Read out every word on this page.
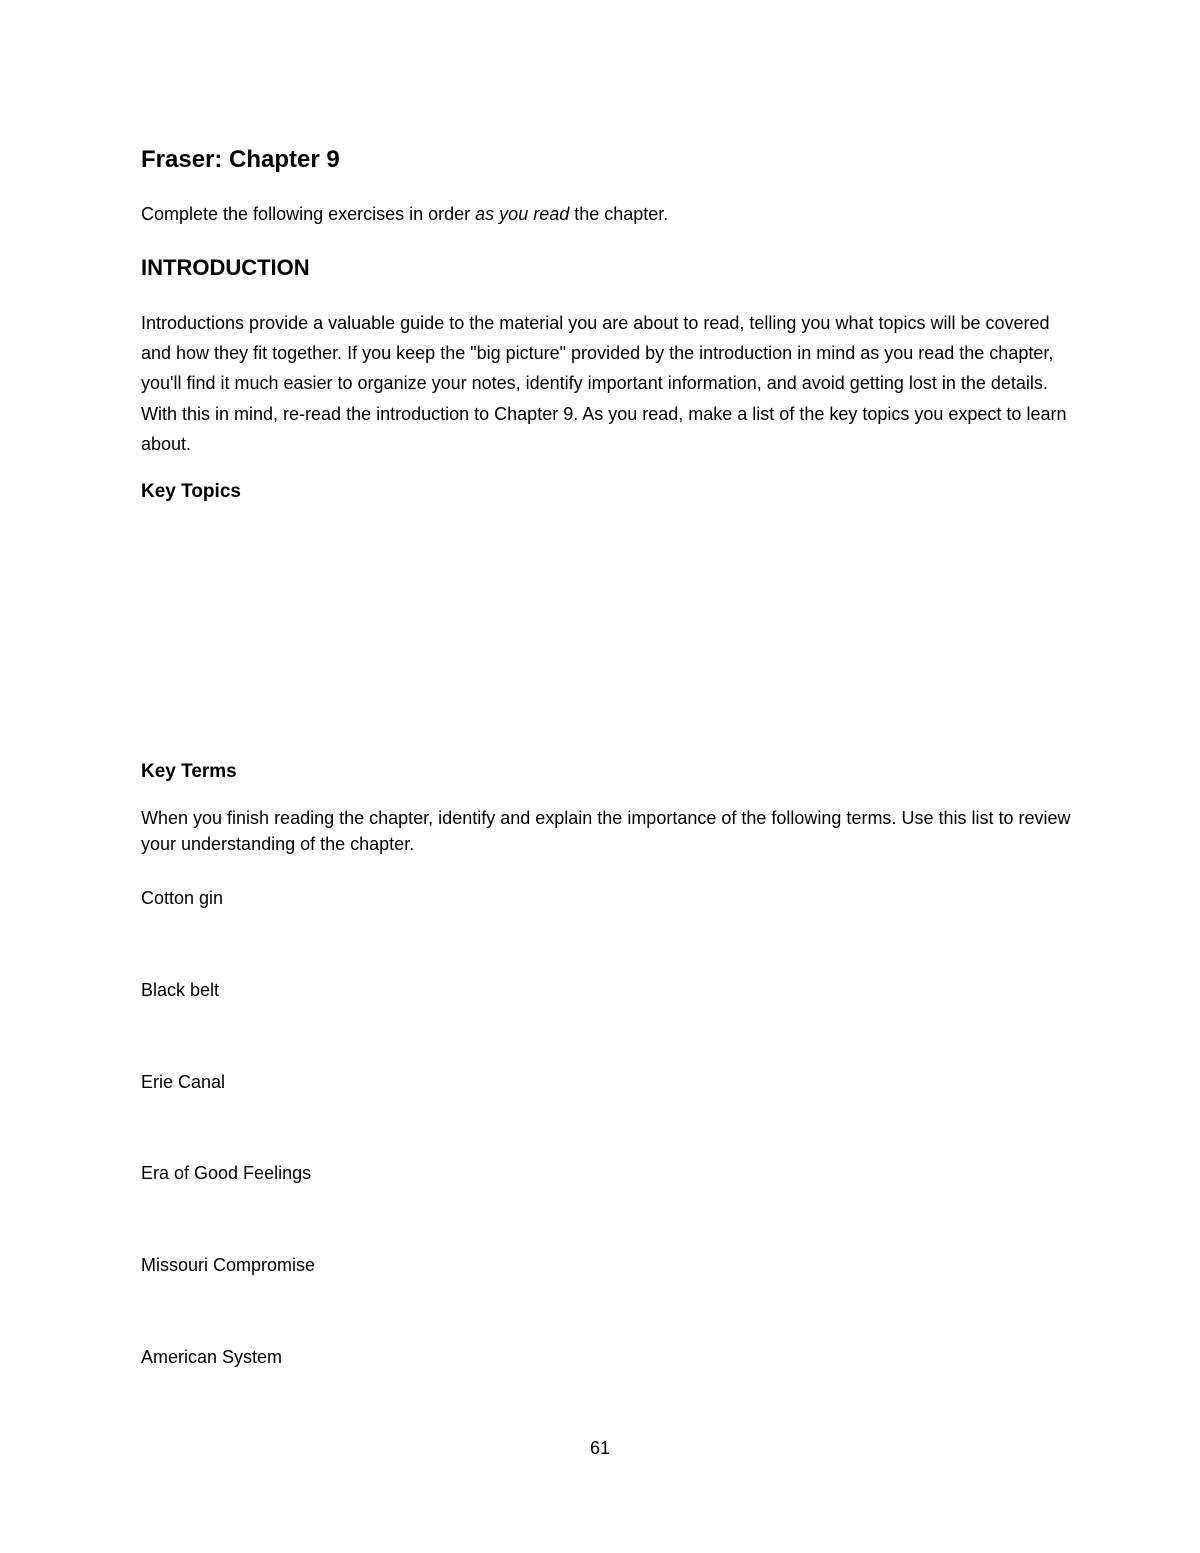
Fraser: Chapter 9

Complete the following exercises in order as you read the chapter.

INTRODUCTION

Introductions provide a valuable guide to the material you are about to read, telling you what topics will be covered and how they fit together. If you keep the "big picture" provided by the introduction in mind as you read the chapter, you'll find it much easier to organize your notes, identify important information, and avoid getting lost in the details. With this in mind, re-read the introduction to Chapter 9. As you read, make a list of the key topics you expect to learn about.

Key Topics
Key Terms

When you finish reading the chapter, identify and explain the importance of the following terms. Use this list to review your understanding of the chapter.

Cotton gin

Black belt

Erie Canal

Era of Good Feelings

Missouri Compromise

American System

61
